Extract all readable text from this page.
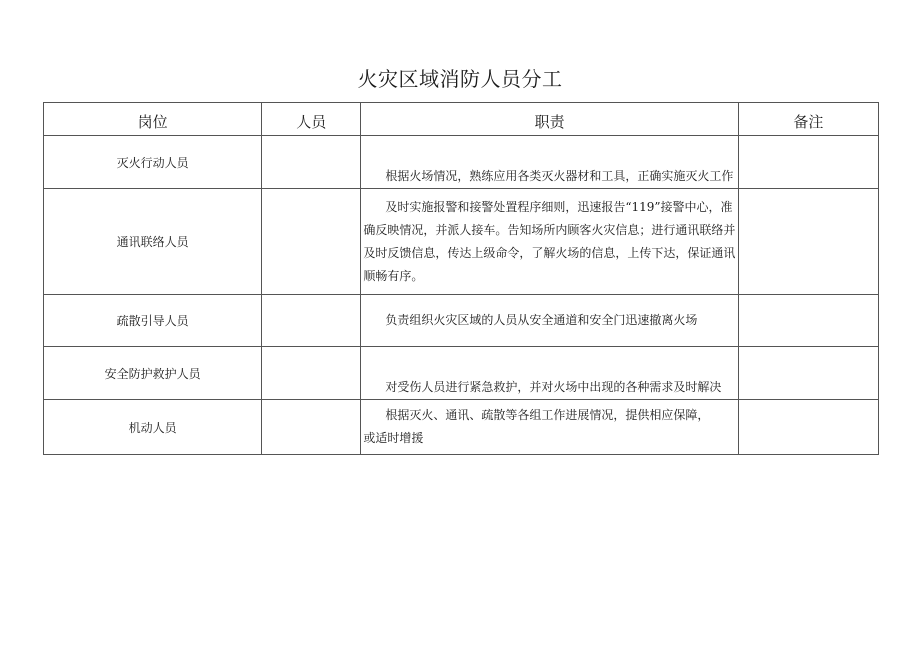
火灾区域消防人员分工
岗位	人员	职责	备注
灭火行动人员		根据火场情况，熟练应用各类灭火器材和工具，正确实施灭火工作	

通讯联络人员		及时实施报警和接警处置程序细则，迅速报告“119”接警中心，准确反映情况，并派人接车。告知场所内顾客火灾信息；进行通讯联络并及时反馈信息，传达上级命令，了解火场的信息，上传下达，保证通讯顺畅有序。	

疏散引导人员		负责组织火灾区域的人员从安全通道和安全门迅速撤离火场	

安全防护救护人员		对受伤人员进行紧急救护，并对火场中出现的各种需求及时解决	

机动人员		根据灭火、通讯、疏散等各组工作进展情况，提供相应保障，
或适时增援	
